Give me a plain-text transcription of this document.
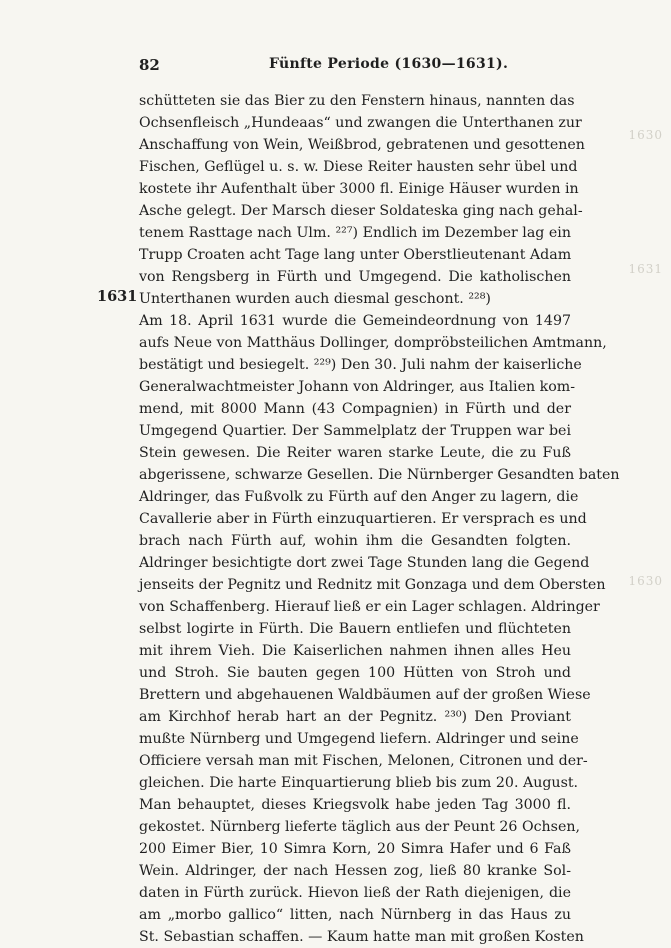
82	Fünfte Periode (1630—1631).
1630
1631
1630
1631
schütteten sie das Bier zu den Fenstern hinaus, nannten das
Ochsenfleisch „Hundeaas“ und zwangen die Unterthanen zur
Anschaffung von Wein, Weißbrod, gebratenen und gesottenen
Fischen, Geflügel u. s. w. Diese Reiter hausten sehr übel und
kostete ihr Aufenthalt über 3000 fl. Einige Häuser wurden in
Asche gelegt. Der Marsch dieser Soldateska ging nach gehal-
tenem Rasttage nach Ulm. ²²⁷) Endlich im Dezember lag ein
Trupp Croaten acht Tage lang unter Oberstlieutenant Adam
von Rengsberg in Fürth und Umgegend. Die katholischen
Unterthanen wurden auch diesmal geschont. ²²⁸)
Am 18. April 1631 wurde die Gemeindeordnung von 1497
aufs Neue von Matthäus Dollinger, dompröbsteilichen Amtmann,
bestätigt und besiegelt. ²²⁹) Den 30. Juli nahm der kaiserliche
Generalwachtmeister Johann von Aldringer, aus Italien kom-
mend, mit 8000 Mann (43 Compagnien) in Fürth und der
Umgegend Quartier. Der Sammelplatz der Truppen war bei
Stein gewesen. Die Reiter waren starke Leute, die zu Fuß
abgerissene, schwarze Gesellen. Die Nürnberger Gesandten baten
Aldringer, das Fußvolk zu Fürth auf den Anger zu lagern, die
Cavallerie aber in Fürth einzuquartieren. Er versprach es und
brach nach Fürth auf, wohin ihm die Gesandten folgten.
Aldringer besichtigte dort zwei Tage Stunden lang die Gegend
jenseits der Pegnitz und Rednitz mit Gonzaga und dem Obersten
von Schaffenberg. Hierauf ließ er ein Lager schlagen. Aldringer
selbst logirte in Fürth. Die Bauern entliefen und flüchteten
mit ihrem Vieh. Die Kaiserlichen nahmen ihnen alles Heu
und Stroh. Sie bauten gegen 100 Hütten von Stroh und
Brettern und abgehauenen Waldbäumen auf der großen Wiese
am Kirchhof herab hart an der Pegnitz. ²³⁰) Den Proviant
mußte Nürnberg und Umgegend liefern. Aldringer und seine
Officiere versah man mit Fischen, Melonen, Citronen und der-
gleichen. Die harte Einquartierung blieb bis zum 20. August.
Man behauptet, dieses Kriegsvolk habe jeden Tag 3000 fl.
gekostet. Nürnberg lieferte täglich aus der Peunt 26 Ochsen,
200 Eimer Bier, 10 Simra Korn, 20 Simra Hafer und 6 Faß
Wein. Aldringer, der nach Hessen zog, ließ 80 kranke Sol-
daten in Fürth zurück. Hievon ließ der Rath diejenigen, die
am „morbo gallico“ litten, nach Nürnberg in das Haus zu
St. Sebastian schaffen. — Kaum hatte man mit großen Kosten
